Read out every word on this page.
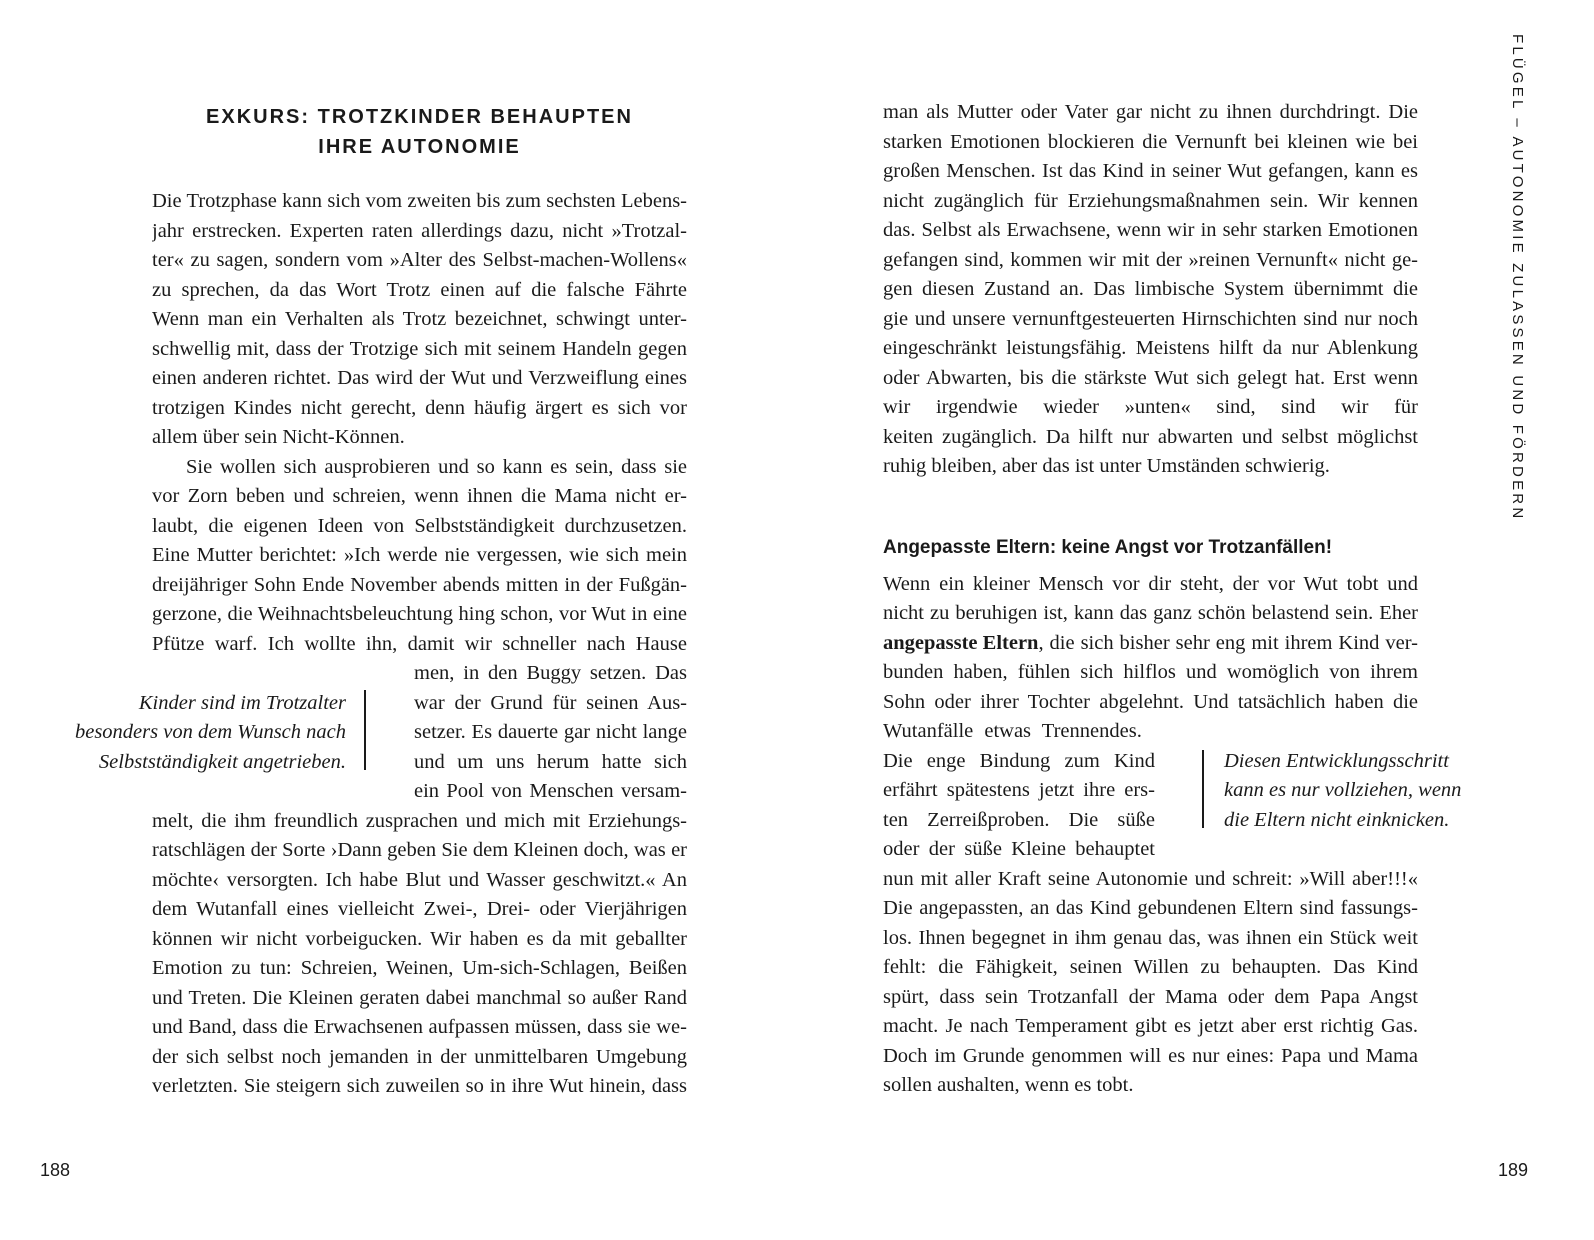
EXKURS: TROTZKINDER BEHAUPTEN
IHRE AUTONOMIE
Die Trotzphase kann sich vom zweiten bis zum sechsten Lebens-
jahr erstrecken. Experten raten allerdings dazu, nicht »Trotzal-
ter« zu sagen, sondern vom »Alter des Selbst-machen-Wollens«
zu sprechen, da das Wort Trotz einen auf die falsche Fährte
Wenn man ein Verhalten als Trotz bezeichnet, schwingt unter-
schwellig mit, dass der Trotzige sich mit seinem Handeln gegen
einen anderen richtet. Das wird der Wut und Verzweiflung eines
trotzigen Kindes nicht gerecht, denn häufig ärgert es sich vor
allem über sein Nicht-Können.
Sie wollen sich ausprobieren und so kann es sein, dass sie
vor Zorn beben und schreien, wenn ihnen die Mama nicht er-
laubt, die eigenen Ideen von Selbstständigkeit durchzusetzen.
Eine Mutter berichtet: »Ich werde nie vergessen, wie sich mein
dreijähriger Sohn Ende November abends mitten in der Fußgän-
gerzone, die Weihnachtsbeleuchtung hing schon, vor Wut in eine
Pfütze warf. Ich wollte ihn, damit wir schneller nach Hause
men, in den Buggy setzen. Das
war der Grund für seinen Aus-
setzer. Es dauerte gar nicht lange
und um uns herum hatte sich
ein Pool von Menschen versam-
Kinder sind im Trotzalter
besonders von dem Wunsch nach
Selbstständigkeit angetrieben.
melt, die ihm freundlich zusprachen und mich mit Erziehungs-
ratschlägen der Sorte ›Dann geben Sie dem Kleinen doch, was er
möchte‹ versorgten. Ich habe Blut und Wasser geschwitzt.« An
dem Wutanfall eines vielleicht Zwei-, Drei- oder Vierjährigen
können wir nicht vorbeigucken. Wir haben es da mit geballter
Emotion zu tun: Schreien, Weinen, Um-sich-Schlagen, Beißen
und Treten. Die Kleinen geraten dabei manchmal so außer Rand
und Band, dass die Erwachsenen aufpassen müssen, dass sie we-
der sich selbst noch jemanden in der unmittelbaren Umgebung
verletzten. Sie steigern sich zuweilen so in ihre Wut hinein, dass
188
FLÜGEL – AUTONOMIE ZULASSEN UND FÖRDERN
man als Mutter oder Vater gar nicht zu ihnen durchdringt. Die
starken Emotionen blockieren die Vernunft bei kleinen wie bei
großen Menschen. Ist das Kind in seiner Wut gefangen, kann es
nicht zugänglich für Erziehungsmaßnahmen sein. Wir kennen
das. Selbst als Erwachsene, wenn wir in sehr starken Emotionen
gefangen sind, kommen wir mit der »reinen Vernunft« nicht ge-
gen diesen Zustand an. Das limbische System übernimmt die
gie und unsere vernunftgesteuerten Hirnschichten sind nur noch
eingeschränkt leistungsfähig. Meistens hilft da nur Ablenkung
oder Abwarten, bis die stärkste Wut sich gelegt hat. Erst wenn
wir irgendwie wieder »unten« sind, sind wir für
keiten zugänglich. Da hilft nur abwarten und selbst möglichst
ruhig bleiben, aber das ist unter Umständen schwierig.
Angepasste Eltern: keine Angst vor Trotzanfällen!
Wenn ein kleiner Mensch vor dir steht, der vor Wut tobt und
nicht zu beruhigen ist, kann das ganz schön belastend sein. Eher
angepasste Eltern , die sich bisher sehr eng mit ihrem Kind ver-
bunden haben, fühlen sich hilflos und womöglich von ihrem
Sohn oder ihrer Tochter abgelehnt. Und tatsächlich haben die
Wutanfälle etwas Trennendes.
Die enge Bindung zum Kind
erfährt spätestens jetzt ihre ers-
ten Zerreißproben. Die süße
oder der süße Kleine behauptet
Diesen Entwicklungsschritt
kann es nur vollziehen, wenn
die Eltern nicht einknicken.
nun mit aller Kraft seine Autonomie und schreit: »Will aber!!!«
Die angepassten, an das Kind gebundenen Eltern sind fassungs-
los. Ihnen begegnet in ihm genau das, was ihnen ein Stück weit
fehlt: die Fähigkeit, seinen Willen zu behaupten. Das Kind
spürt, dass sein Trotzanfall der Mama oder dem Papa Angst
macht. Je nach Temperament gibt es jetzt aber erst richtig Gas.
Doch im Grunde genommen will es nur eines: Papa und Mama
sollen aushalten, wenn es tobt.
189
